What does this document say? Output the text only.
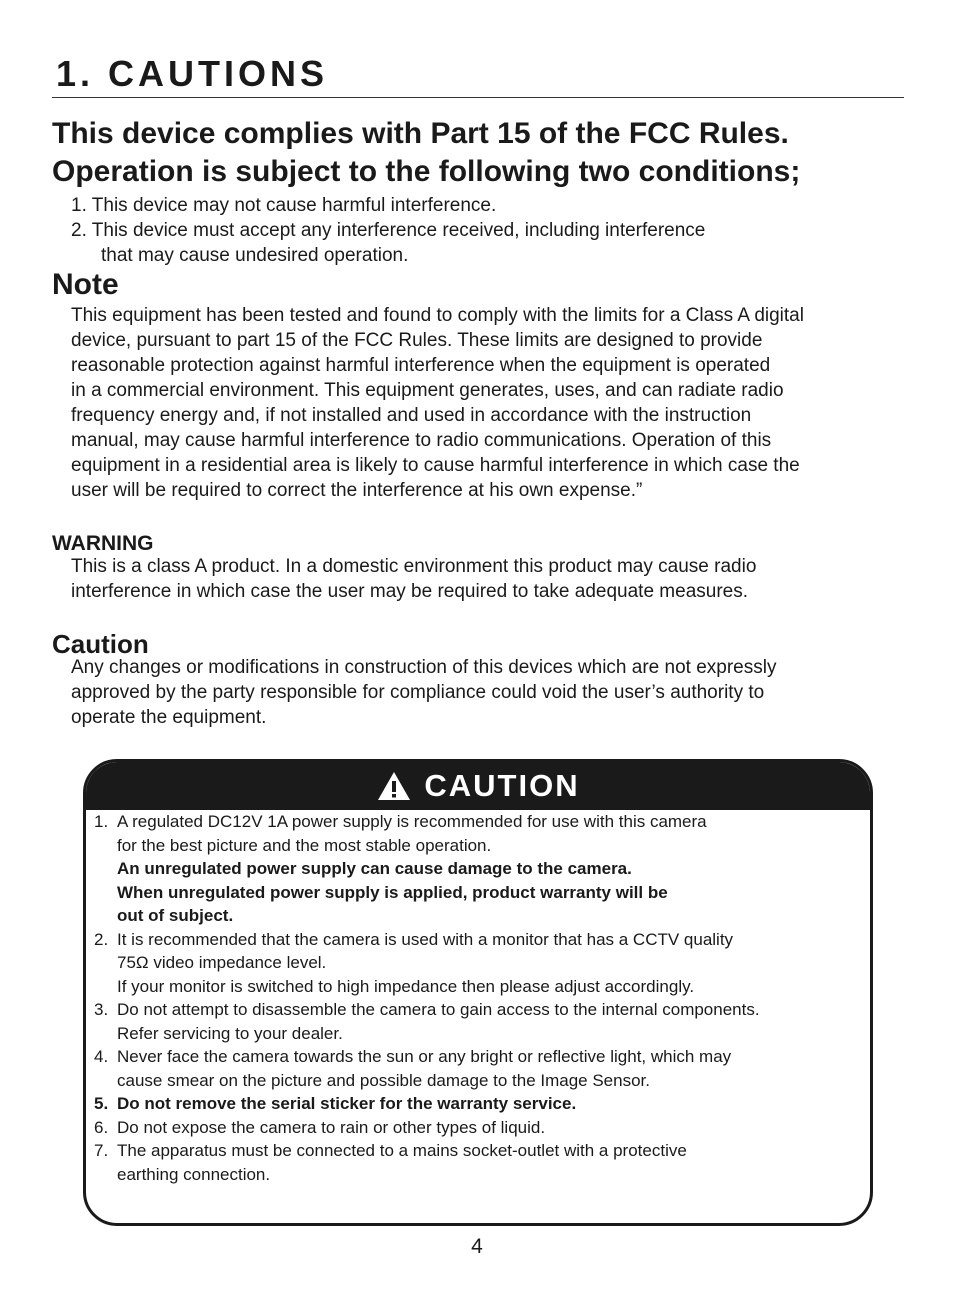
1. CAUTIONS
This device complies with Part 15 of the FCC Rules.
Operation is subject to the following two conditions;
1. This device may not cause harmful interference.
2. This device must accept any interference received, including interference
that may cause undesired operation.
Note
This equipment has been tested and found to comply with the limits for a Class A digital
device, pursuant to part 15 of the FCC Rules. These limits are designed to provide
reasonable protection against harmful interference when the equipment is operated
in a commercial environment. This equipment generates, uses, and can radiate radio
frequency energy and, if not installed and used in accordance with the instruction
manual, may cause harmful interference to radio communications. Operation of this
equipment in a residential area is likely to cause harmful interference in which case the
user will be required to correct the interference at his own expense.”
WARNING
This is a class A product. In a domestic environment this product may cause radio
interference in which case the user may be required to take adequate measures.
Caution
Any changes or modifications in construction of this devices which are not expressly
approved by the party responsible for compliance could void the user’s authority to
operate the equipment.
CAUTION
1. A regulated DC12V 1A power supply is recommended for use with this camera
for the best picture and the most stable operation.
An unregulated power supply can cause damage to the camera.
When unregulated power supply is applied, product warranty will be
out of subject.
2. It is recommended that the camera is used with a monitor that has a CCTV quality
75Ω video impedance level.
If your monitor is switched to high impedance then please adjust accordingly.
3. Do not attempt to disassemble the camera to gain access to the internal components.
Refer servicing to your dealer.
4. Never face the camera towards the sun or any bright or reflective light, which may
cause smear on the picture and possible damage to the Image Sensor.
5. Do not remove the serial sticker for the warranty service.
6. Do not expose the camera to rain or other types of liquid.
7. The apparatus must be connected to a mains socket-outlet with a protective
earthing connection.
4
